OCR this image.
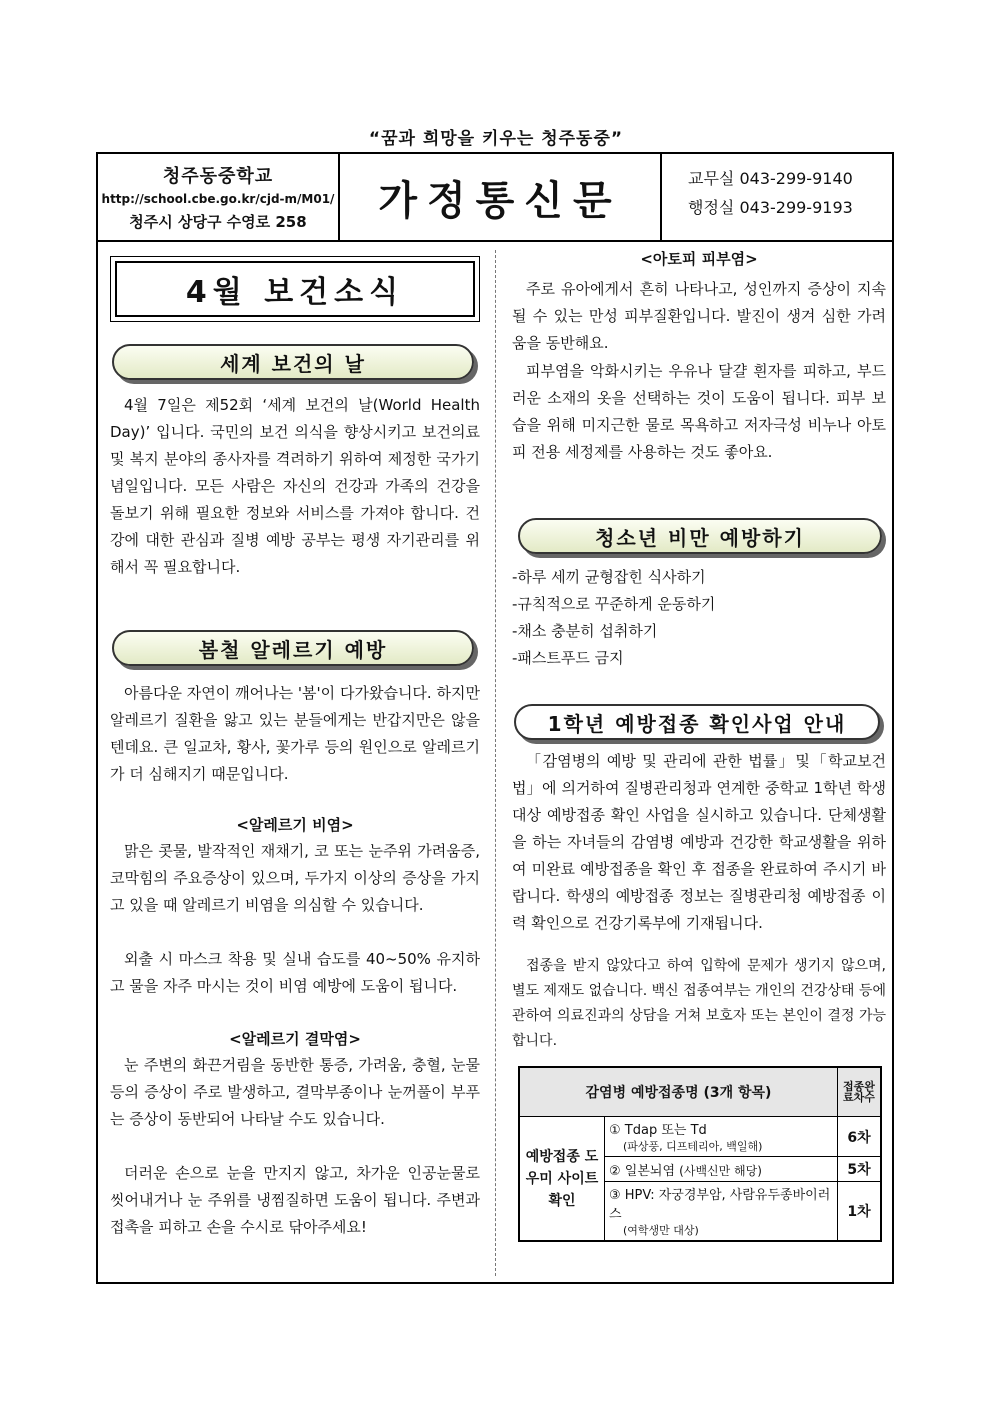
“꿈과 희망을 키우는 청주동중”
청주동중학교
http://school.cbe.go.kr/cjd-m/M01/
청주시 상당구 수영로 258	가정통신문	교무실 043-299-9140
행정실 043-299-9193
4월 보건소식
세계 보건의 날

4월 7일은 제52회 ‘세계 보건의 날(World Health Day)’ 입니다. 국민의 보건 의식을 향상시키고 보건의료 및 복지 분야의 종사자를 격려하기 위하여 제정한 국가기념일입니다. 모든 사람은 자신의 건강과 가족의 건강을 돌보기 위해 필요한 정보와 서비스를 가져야 합니다. 건강에 대한 관심과 질병 예방 공부는 평생 자기관리를 위해서 꼭 필요합니다.

봄철 알레르기 예방

아름다운 자연이 깨어나는 '봄'이 다가왔습니다. 하지만 알레르기 질환을 앓고 있는 분들에게는 반갑지만은 않을 텐데요. 큰 일교차, 황사, 꽃가루 등의 원인으로 알레르기가 더 심해지기 때문입니다.

<알레르기 비염>

맑은 콧물, 발작적인 재채기, 코 또는 눈주위 가려움증, 코막힘의 주요증상이 있으며, 두가지 이상의 증상을 가지고 있을 때 알레르기 비염을 의심할 수 있습니다.

외출 시 마스크 착용 및 실내 습도를 40~50% 유지하고 물을 자주 마시는 것이 비염 예방에 도움이 됩니다.

<알레르기 결막염>

눈 주변의 화끈거림을 동반한 통증, 가려움, 충혈, 눈물 등의 증상이 주로 발생하고, 결막부종이나 눈꺼풀이 부푸는 증상이 동반되어 나타날 수도 있습니다.

더러운 손으로 눈을 만지지 않고, 차가운 인공눈물로 씻어내거나 눈 주위를 냉찜질하면 도움이 됩니다. 주변과 접촉을 피하고 손을 수시로 닦아주세요!

<아토피 피부염>

주로 유아에게서 흔히 나타나고, 성인까지 증상이 지속될 수 있는 만성 피부질환입니다. 발진이 생겨 심한 가려움을 동반해요.

피부염을 악화시키는 우유나 달걀 흰자를 피하고, 부드러운 소재의 옷을 선택하는 것이 도움이 됩니다. 피부 보습을 위해 미지근한 물로 목욕하고 저자극성 비누나 아토피 전용 세정제를 사용하는 것도 좋아요.

청소년 비만 예방하기
-하루 세끼 균형잡힌 식사하기
-규칙적으로 꾸준하게 운동하기
-채소 충분히 섭취하기
-패스트푸드 금지
1학년 예방접종 확인사업 안내

「감염병의 예방 및 관리에 관한 법률」및「학교보건법」에 의거하여 질병관리청과 연계한 중학교 1학년 학생 대상 예방접종 확인 사업을 실시하고 있습니다. 단체생활을 하는 자녀들의 감염병 예방과 건강한 학교생활을 위하여 미완료 예방접종을 확인 후 접종을 완료하여 주시기 바랍니다. 학생의 예방접종 정보는 질병관리청 예방접종 이력 확인으로 건강기록부에 기재됩니다.

접종을 받지 않았다고 하여 입학에 문제가 생기지 않으며, 별도 제재도 없습니다. 백신 접종여부는 개인의 건강상태 등에 관하여 의료진과의 상담을 거쳐 보호자 또는 본인이 결정 가능합니다.

감염병 예방접종명 (3개 항목)		접종완료차수
예방접종 도우미 사이트 확인	① Tdap 또는 Td
(파상풍, 디프테리아, 백일해)	6차
	② 일본뇌염 (사백신만 해당)	5차
	③ HPV: 자궁경부암, 사람유두종바이러스
(여학생만 대상)	1차
